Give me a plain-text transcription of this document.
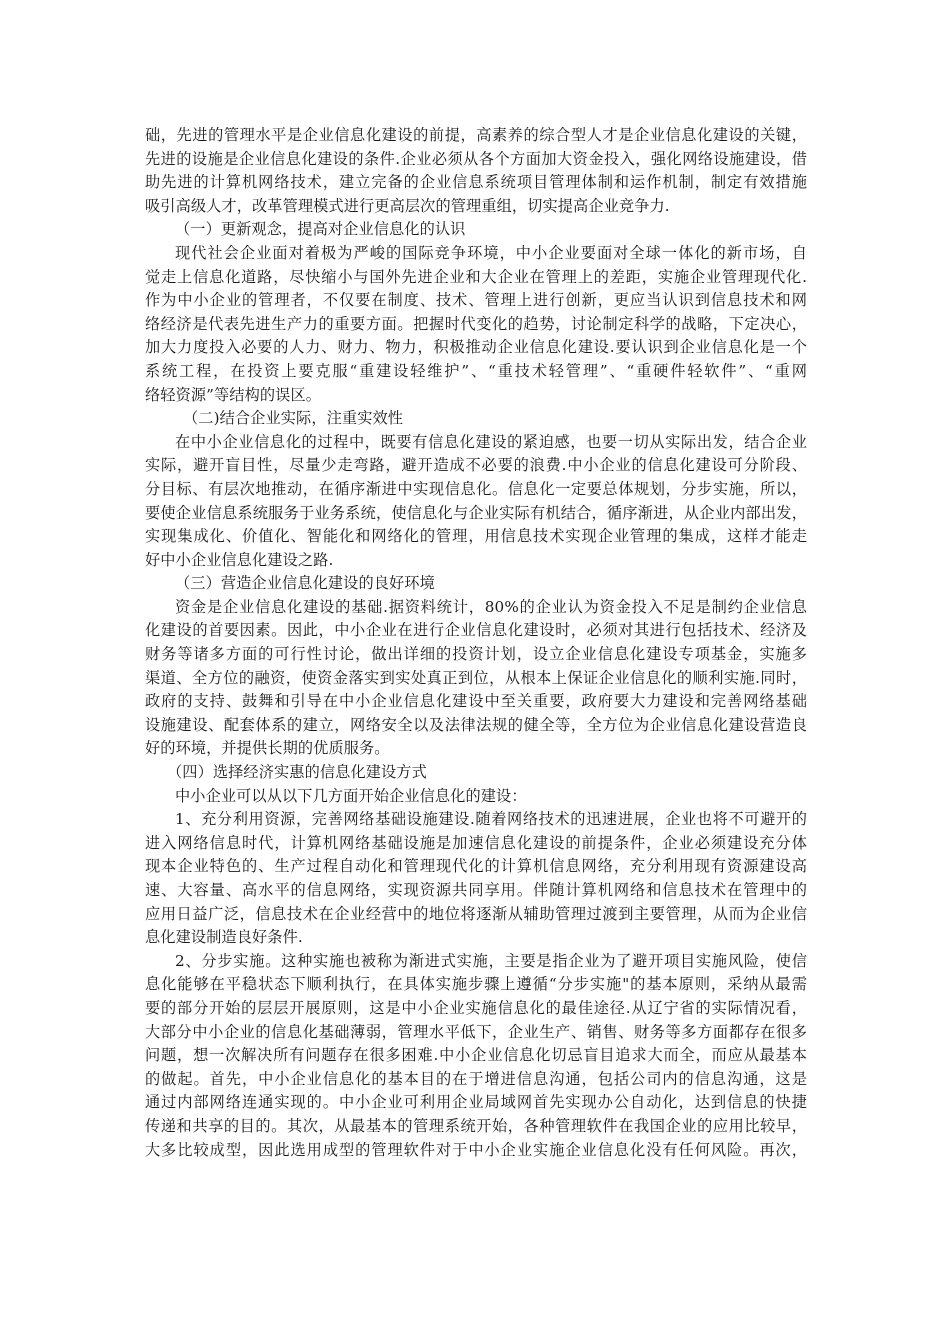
础，先进的管理水平是企业信息化建设的前提，高素养的综合型人才是企业信息化建设的关键，
先进的设施是企业信息化建设的条件.企业必须从各个方面加大资金投入，强化网络设施建设，借
助先进的计算机网络技术，建立完备的企业信息系统项目管理体制和运作机制，制定有效措施
吸引高级人才，改革管理模式进行更高层次的管理重组，切实提高企业竞争力.
（一）更新观念，提高对企业信息化的认识
现代社会企业面对着极为严峻的国际竞争环境，中小企业要面对全球一体化的新市场，自
觉走上信息化道路，尽快缩小与国外先进企业和大企业在管理上的差距，实施企业管理现代化.
作为中小企业的管理者，不仅要在制度、技术、管理上进行创新，更应当认识到信息技术和网
络经济是代表先进生产力的重要方面。把握时代变化的趋势，讨论制定科学的战略，下定决心，
加大力度投入必要的人力、财力、物力，积极推动企业信息化建设.要认识到企业信息化是一个
系统工程，在投资上要克服“重建设轻维护”、“重技术轻管理”、“重硬件轻软件”、“重网
络轻资源”等结构的误区。
（二)结合企业实际，注重实效性
在中小企业信息化的过程中，既要有信息化建设的紧迫感，也要一切从实际出发，结合企业
实际，避开盲目性，尽量少走弯路，避开造成不必要的浪费.中小企业的信息化建设可分阶段、
分目标、有层次地推动，在循序渐进中实现信息化。信息化一定要总体规划，分步实施，所以，
要使企业信息系统服务于业务系统，使信息化与企业实际有机结合，循序渐进，从企业内部出发，
实现集成化、价值化、智能化和网络化的管理，用信息技术实现企业管理的集成，这样才能走
好中小企业信息化建设之路.
（三）营造企业信息化建设的良好环境
资金是企业信息化建设的基础.据资料统计，80%的企业认为资金投入不足是制约企业信息
化建设的首要因素。因此，中小企业在进行企业信息化建设时，必须对其进行包括技术、经济及
财务等诸多方面的可行性讨论，做出详细的投资计划，设立企业信息化建设专项基金，实施多
渠道、全方位的融资，使资金落实到实处真正到位，从根本上保证企业信息化的顺利实施.同时，
政府的支持、鼓舞和引导在中小企业信息化建设中至关重要，政府要大力建设和完善网络基础
设施建设、配套体系的建立，网络安全以及法律法规的健全等，全方位为企业信息化建设营造良
好的环境，并提供长期的优质服务。
（四）选择经济实惠的信息化建设方式
中小企业可以从以下几方面开始企业信息化的建设：
1、充分利用资源，完善网络基础设施建设.随着网络技术的迅速进展，企业也将不可避开的
进入网络信息时代，计算机网络基础设施是加速信息化建设的前提条件，企业必须建设充分体
现本企业特色的、生产过程自动化和管理现代化的计算机信息网络，充分利用现有资源建设高
速、大容量、高水平的信息网络，实现资源共同享用。伴随计算机网络和信息技术在管理中的
应用日益广泛，信息技术在企业经营中的地位将逐渐从辅助管理过渡到主要管理，从而为企业信
息化建设制造良好条件.
2、分步实施。这种实施也被称为渐进式实施，主要是指企业为了避开项目实施风险，使信
息化能够在平稳状态下顺利执行，在具体实施步骤上遵循“分步实施"的基本原则，采纳从最需
要的部分开始的层层开展原则，这是中小企业实施信息化的最佳途径.从辽宁省的实际情况看，
大部分中小企业的信息化基础薄弱，管理水平低下，企业生产、销售、财务等多方面都存在很多
问题，想一次解决所有问题存在很多困难.中小企业信息化切忌盲目追求大而全，而应从最基本
的做起。首先，中小企业信息化的基本目的在于增进信息沟通，包括公司内的信息沟通，这是
通过内部网络连通实现的。中小企业可利用企业局域网首先实现办公自动化，达到信息的快捷
传递和共享的目的。其次，从最基本的管理系统开始，各种管理软件在我国企业的应用比较早，
大多比较成型，因此选用成型的管理软件对于中小企业实施企业信息化没有任何风险。再次，
